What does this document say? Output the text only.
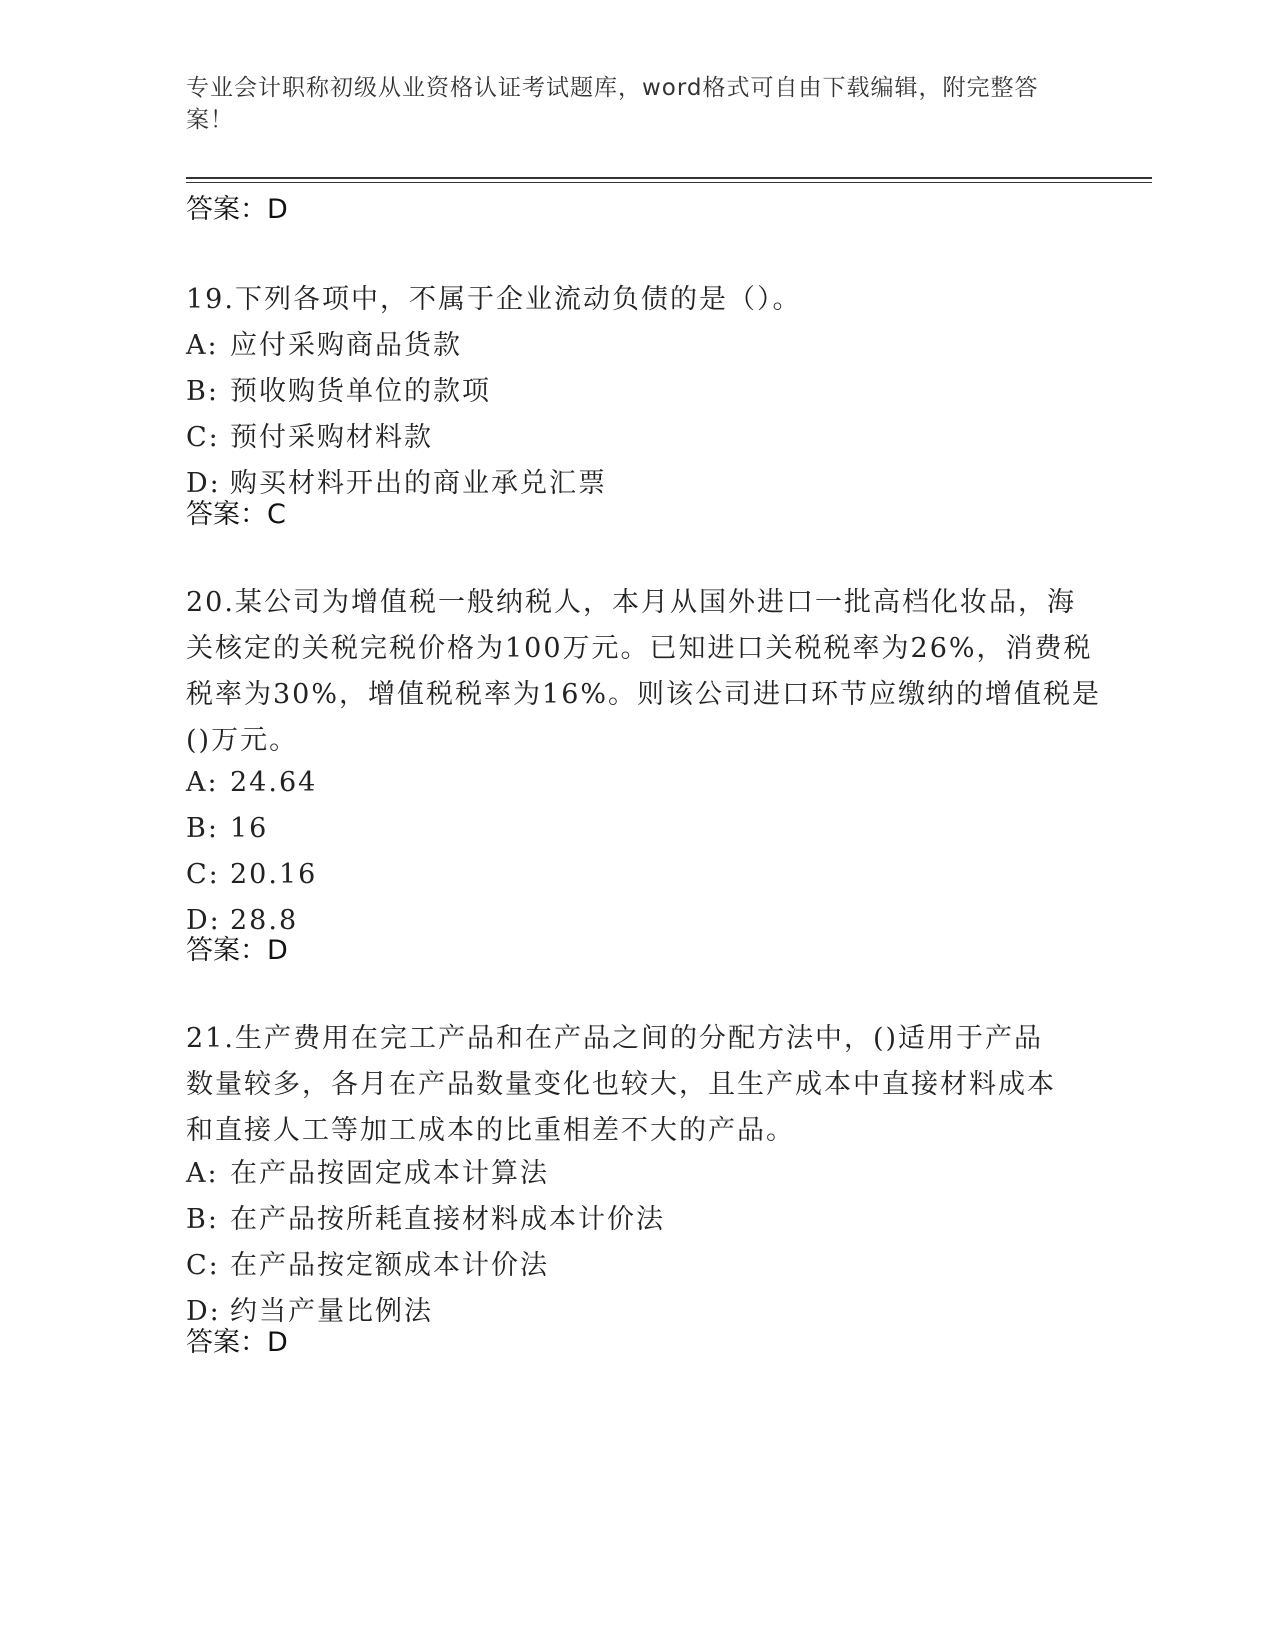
专业会计职称初级从业资格认证考试题库，word格式可自由下载编辑，附完整答
案！
答案：D
19.下列各项中，不属于企业流动负债的是（）。
A: 应付采购商品货款
B: 预收购货单位的款项
C: 预付采购材料款
D: 购买材料开出的商业承兑汇票
答案：C
20.某公司为增值税一般纳税人，本月从国外进口一批高档化妆品，海
关核定的关税完税价格为100万元。已知进口关税税率为26%，消费税
税率为30%，增值税税率为16%。则该公司进口环节应缴纳的增值税是
()万元。
A: 24.64
B: 16
C: 20.16
D: 28.8
答案：D
21.生产费用在完工产品和在产品之间的分配方法中，()适用于产品
数量较多，各月在产品数量变化也较大，且生产成本中直接材料成本
和直接人工等加工成本的比重相差不大的产品。
A: 在产品按固定成本计算法
B: 在产品按所耗直接材料成本计价法
C: 在产品按定额成本计价法
D: 约当产量比例法
答案：D
